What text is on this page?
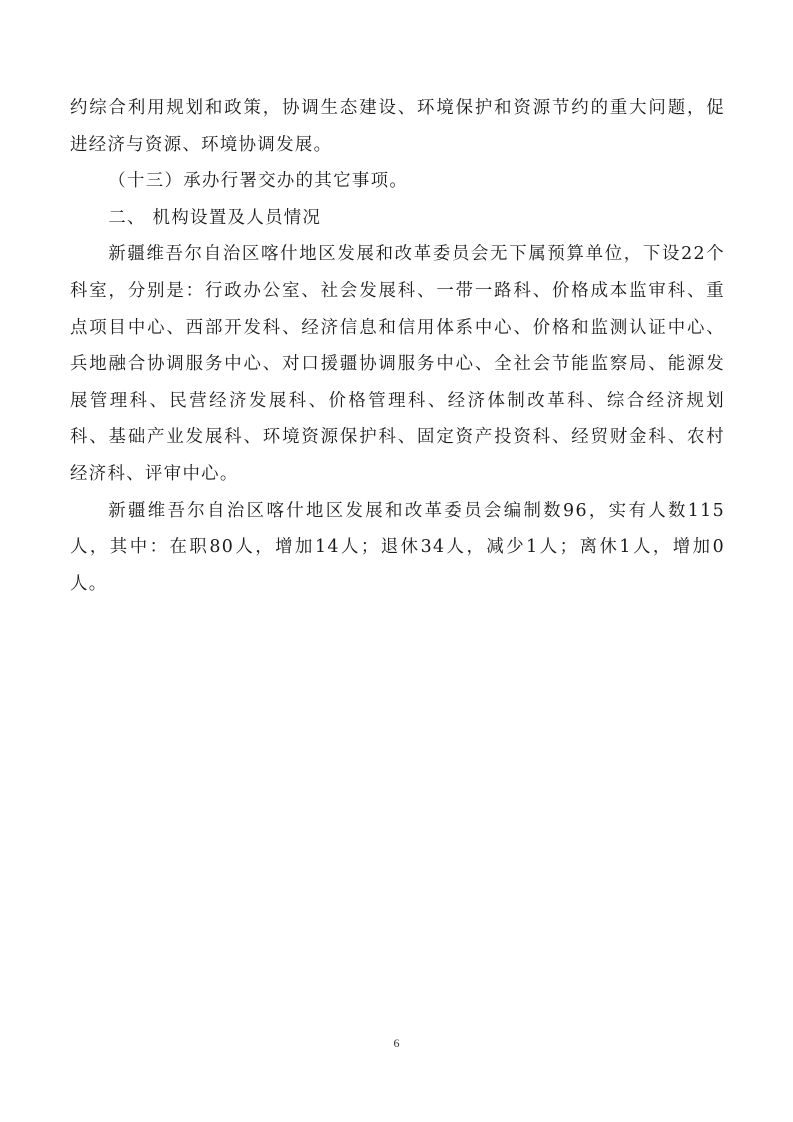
约综合利用规划和政策，协调生态建设、环境保护和资源节约的重大问题，促进经济与资源、环境协调发展。

（十三）承办行署交办的其它事项。

二、 机构设置及人员情况

新疆维吾尔自治区喀什地区发展和改革委员会无下属预算单位，下设22个科室，分别是：行政办公室、社会发展科、一带一路科、价格成本监审科、重点项目中心、西部开发科、经济信息和信用体系中心、价格和监测认证中心、兵地融合协调服务中心、对口援疆协调服务中心、全社会节能监察局、能源发展管理科、民营经济发展科、价格管理科、经济体制改革科、综合经济规划科、基础产业发展科、环境资源保护科、固定资产投资科、经贸财金科、农村经济科、评审中心。

新疆维吾尔自治区喀什地区发展和改革委员会编制数96，实有人数115人，其中：在职80人，增加14人；退休34人，减少1人；离休1人，增加0人。

6
